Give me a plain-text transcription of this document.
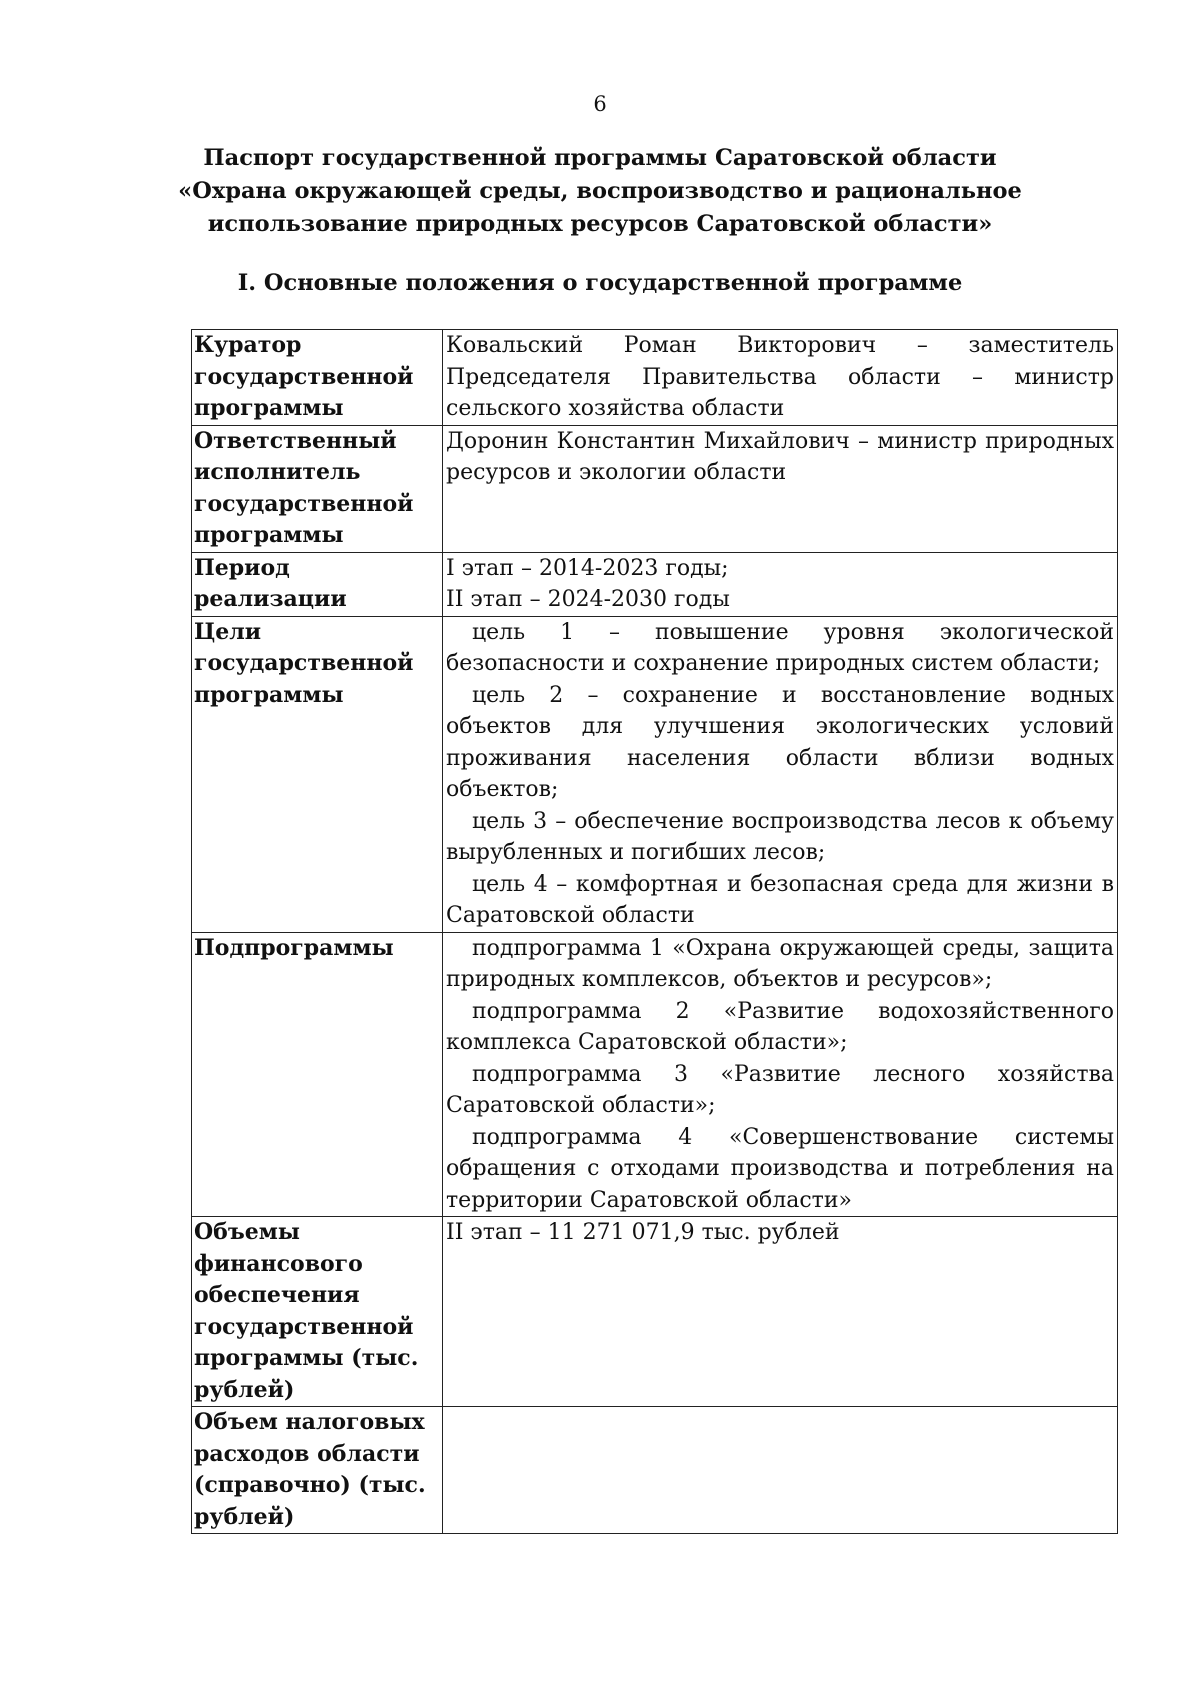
6
Паспорт государственной программы Саратовской области
«Охрана окружающей среды, воспроизводство и рациональное
использование природных ресурсов Саратовской области»
I. Основные положения о государственной программе
Куратор государственной программы	Ковальский Роман Викторович – заместитель Председателя Правительства области – министр сельского хозяйства области
Ответственный исполнитель государственной программы	Доронин Константин Михайлович – министр природных ресурсов и экологии области
Период реализации	I этап – 2014-2023 годы;
II этап – 2024-2030 годы

Цели государственной программы	цель 1 – повышение уровня экологической безопасности и сохранение природных систем области;
цель 2 – сохранение и восстановление водных объектов для улучшения экологических условий проживания населения области вблизи водных объектов;
цель 3 – обеспечение воспроизводства лесов к объему вырубленных и погибших лесов;
цель 4 – комфортная и безопасная среда для жизни в Саратовской области

Подпрограммы	подпрограмма 1 «Охрана окружающей среды, защита природных комплексов, объектов и ресурсов»;
подпрограмма 2 «Развитие водохозяйственного комплекса Саратовской области»;
подпрограмма 3 «Развитие лесного хозяйства Саратовской области»;
подпрограмма 4 «Совершенствование системы обращения с отходами производства и потребления на территории Саратовской области»

Объемы финансового обеспечения государственной программы (тыс. рублей)	II этап – 11 271 071,9 тыс. рублей
Объем налоговых расходов области (справочно) (тыс. рублей)	
